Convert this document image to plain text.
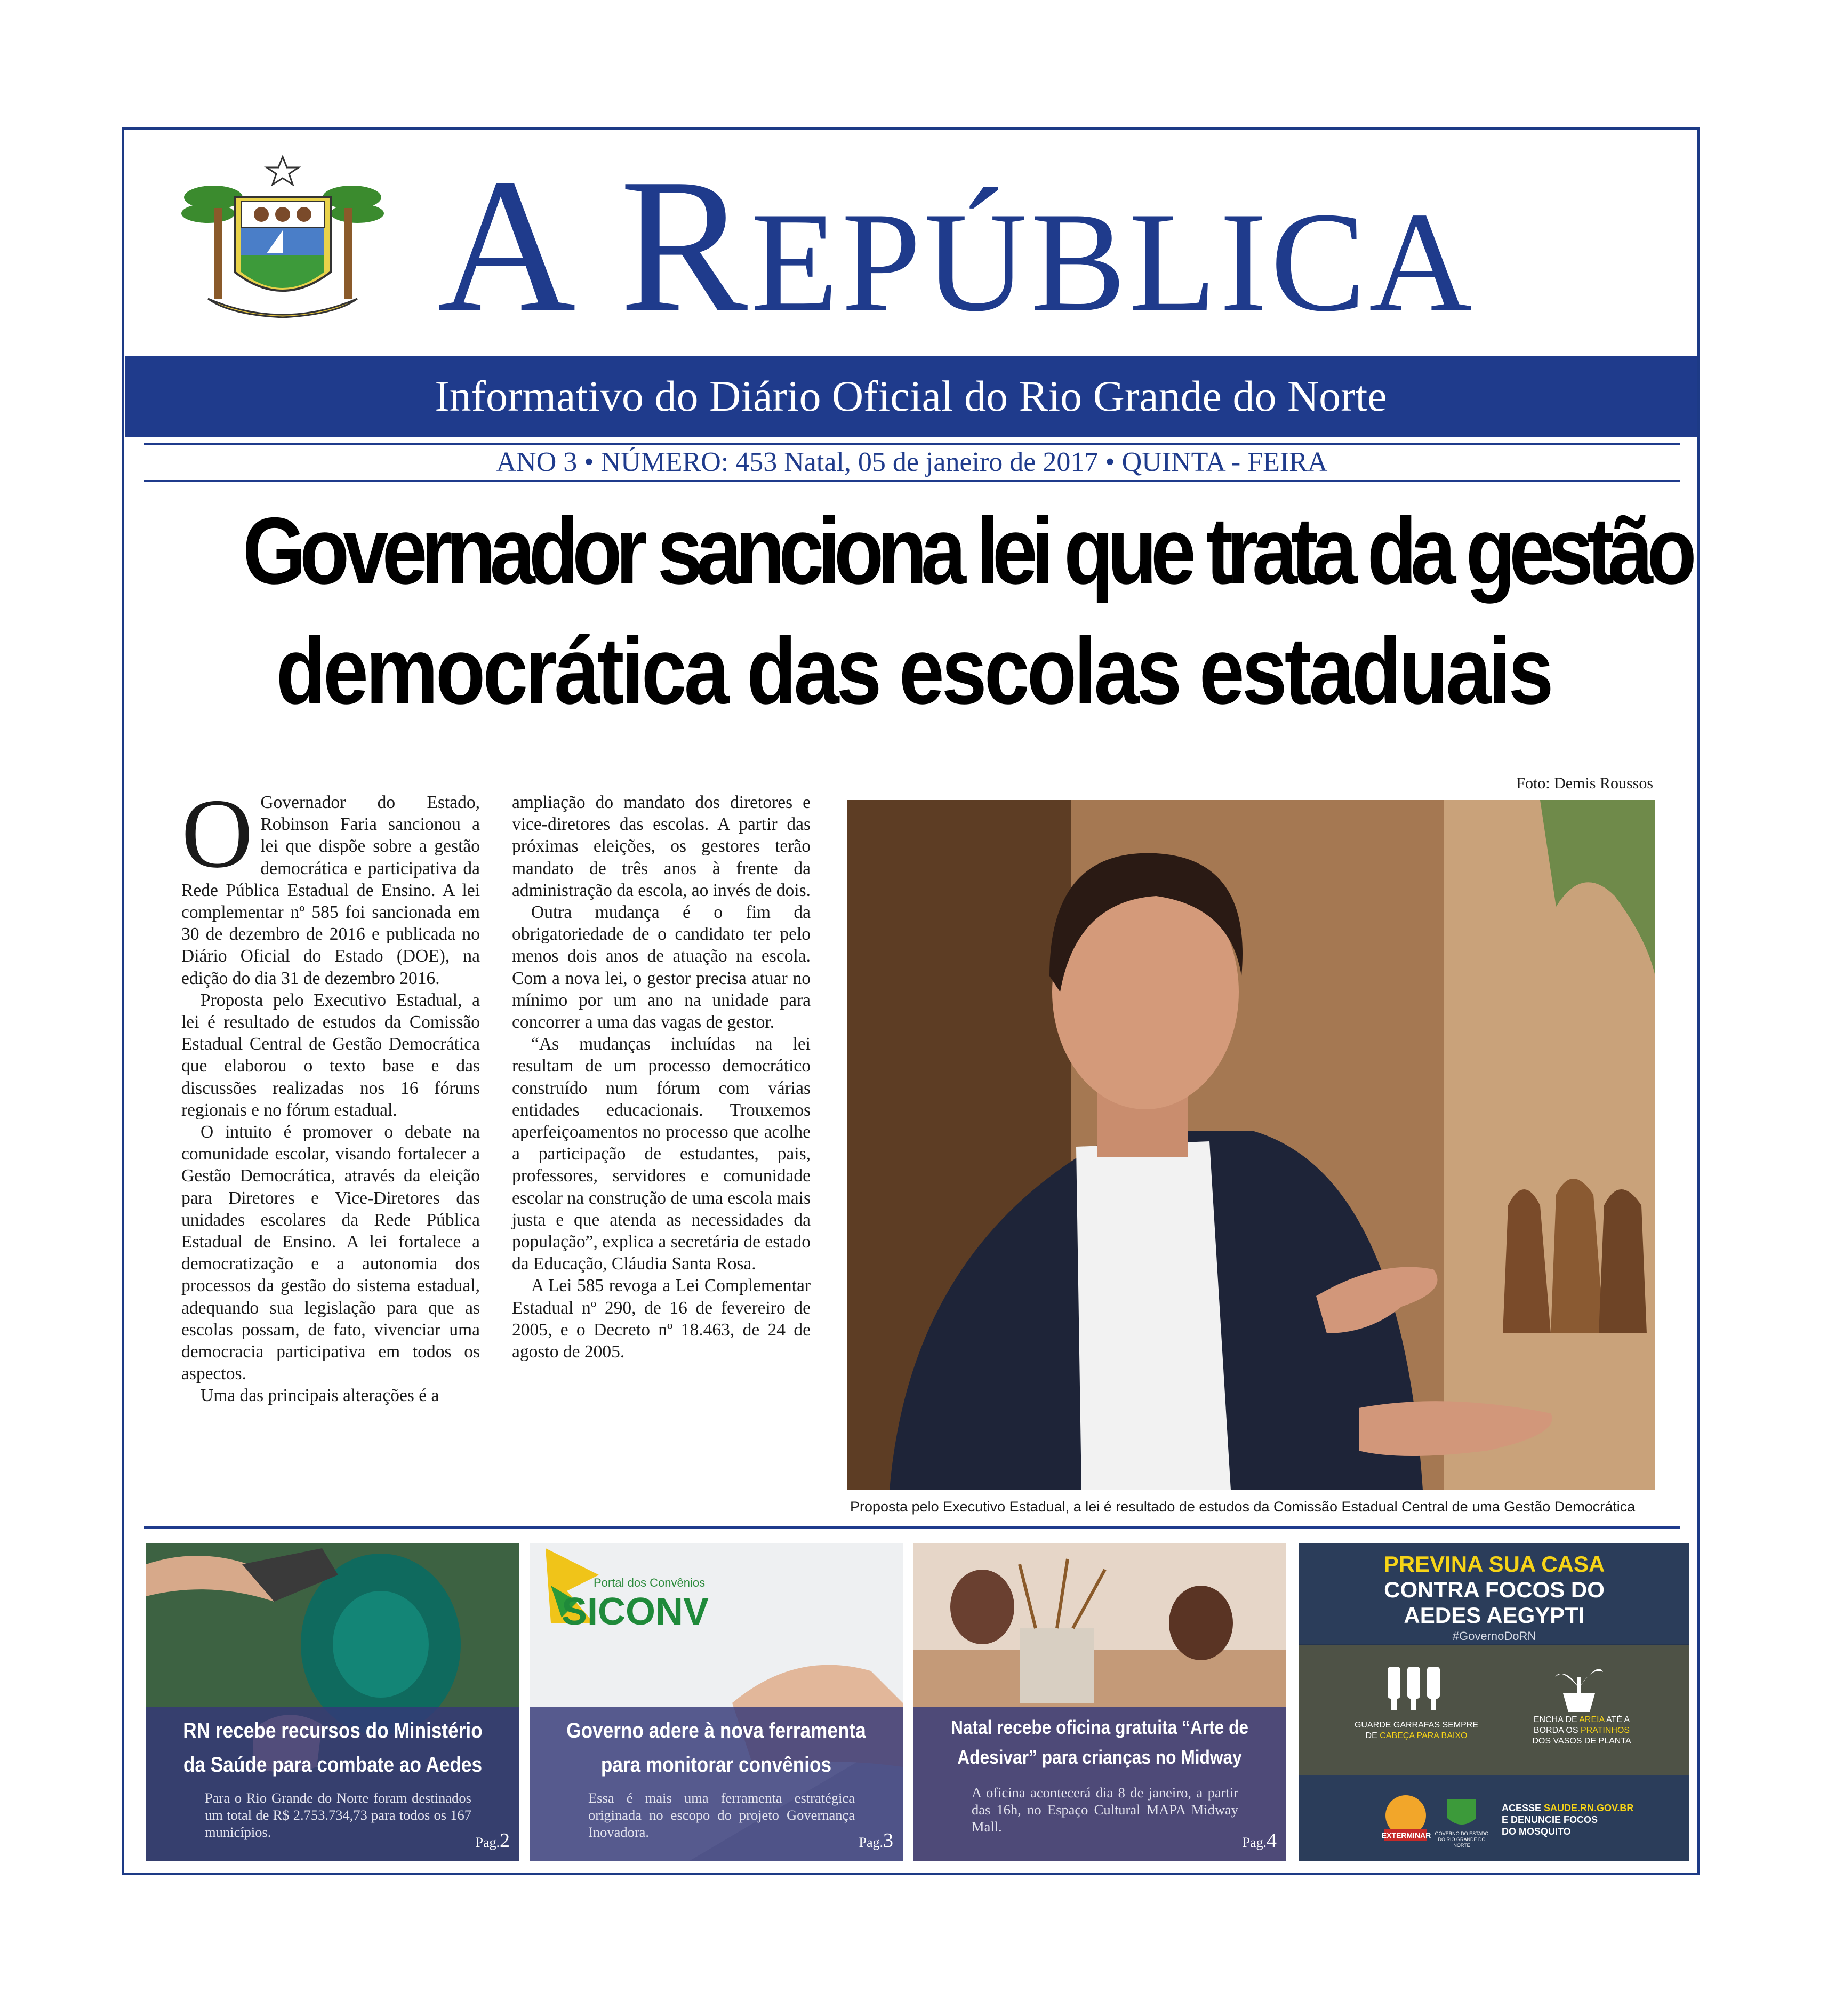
A REPÚBLICA
Informativo do Diário Oficial do Rio Grande do Norte
ANO 3 • NÚMERO: 453 Natal, 05 de janeiro de 2017 • QUINTA - FEIRA
Governador sanciona lei que trata da gestão
democrática das escolas estaduais

O Governador do Estado, Robinson Faria sancionou a lei que dispõe sobre a gestão democrática e participativa da Rede Pública Estadual de Ensino. A lei complementar nº 585 foi sancionada em 30 de dezembro de 2016 e publicada no Diário Oficial do Estado (DOE), na edição do dia 31 de dezembro 2016.

Proposta pelo Executivo Estadual, a lei é resultado de estudos da Comissão Estadual Central de Gestão Democrática que elaborou o texto base e das discussões realizadas nos 16 fóruns regionais e no fórum estadual.

O intuito é promover o debate na comunidade escolar, visando fortalecer a Gestão Democrática, através da eleição para Diretores e Vice-Diretores das unidades escolares da Rede Pública Estadual de Ensino. A lei fortalece a democratização e a autonomia dos processos da gestão do sistema estadual, adequando sua legislação para que as escolas possam, de fato, vivenciar uma democracia participativa em todos os aspectos.

Uma das principais alterações é a

ampliação do mandato dos diretores e vice-diretores das escolas. A partir das próximas eleições, os gestores terão mandato de três anos à frente da administração da escola, ao invés de dois.

Outra mudança é o fim da obrigatoriedade de o candidato ter pelo menos dois anos de atuação na escola. Com a nova lei, o gestor precisa atuar no mínimo por um ano na unidade para concorrer a uma das vagas de gestor.

“As mudanças incluídas na lei resultam de um processo democrático construído num fórum com várias entidades educacionais. Trouxemos aperfeiçoamentos no processo que acolhe a participação de estudantes, pais, professores, servidores e comunidade escolar na construção de uma escola mais justa e que atenda as necessidades da população”, explica a secretária de estado da Educação, Cláudia Santa Rosa.

A Lei 585 revoga a Lei Complementar Estadual nº 290, de 16 de fevereiro de 2005, e o Decreto nº 18.463, de 24 de agosto de 2005.

Foto: Demis Roussos
Proposta pelo Executivo Estadual, a lei é resultado de estudos da Comissão Estadual Central de uma Gestão Democrática
RN recebe recursos do Ministério da Saúde para combate ao Aedes
Para o Rio Grande do Norte foram destinados um total de R$ 2.753.734,73 para todos os 167 municípios.
Pag.2
Portal dos Convênios
SICONV
Governo adere à nova ferramenta para monitorar convênios
Essa é mais uma ferramenta estratégica originada no escopo do projeto Governança Inovadora.
Pag.3
Natal recebe oficina gratuita “Arte de Adesivar” para crianças no Midway
A oficina acontecerá dia 8 de janeiro, a partir das 16h, no Espaço Cultural MAPA Midway Mall.
Pag.4
PREVINA SUA CASA
CONTRA FOCOS DO
AEDES AEGYPTI
#GovernoDoRN
GUARDE GARRAFAS SEMPRE
DE CABEÇA PARA BAIXO
ENCHA DE AREIA ATÉ A
BORDA OS PRATINHOS
DOS VASOS DE PLANTA
EXTERMINAR GOVERNO DO ESTADO
DO RIO GRANDE DO NORTE
ACESSE SAUDE.RN.GOV.BR
E DENUNCIE FOCOS
DO MOSQUITO
